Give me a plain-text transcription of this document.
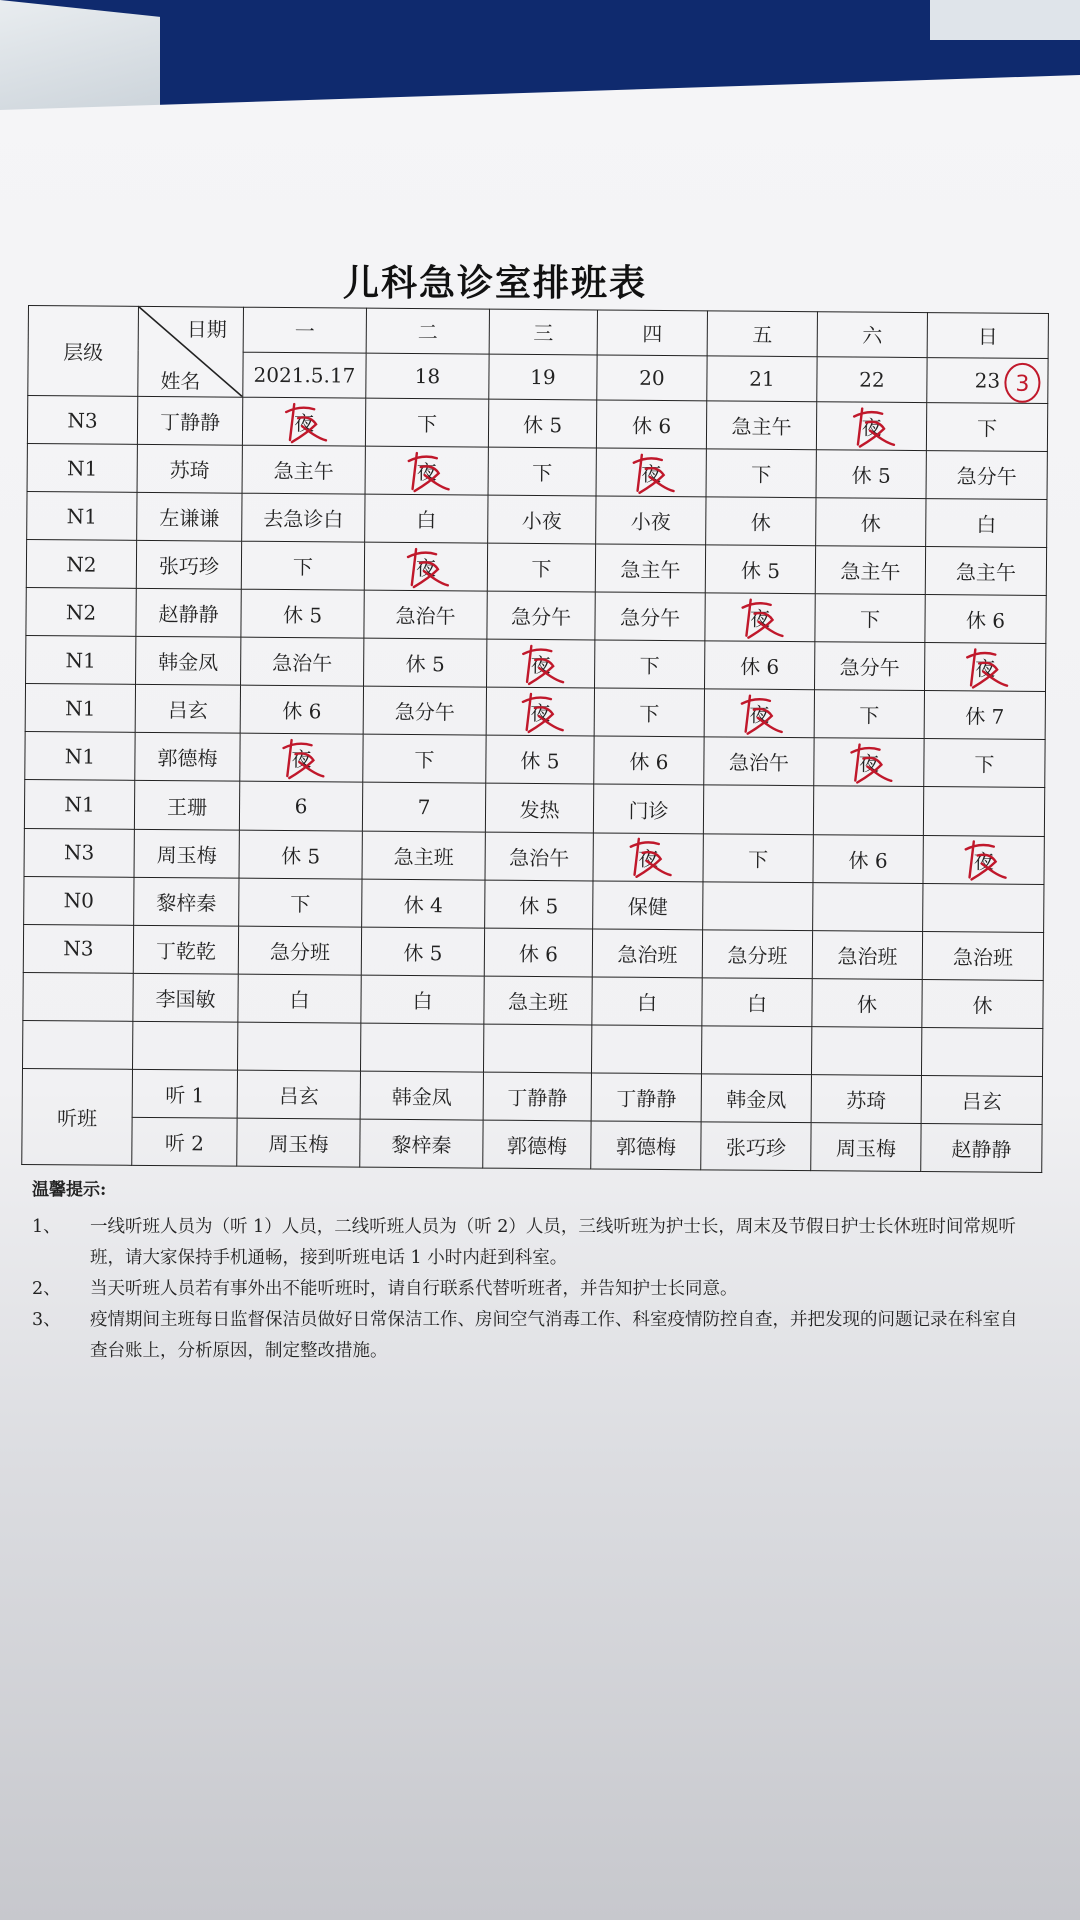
儿科急诊室排班表
层级	日期
姓名	一	二	三	四	五	六	日
		2021.5.17	18	19	20	21	22	23 3

N3	丁静静	夜	下	休 5	休 6	急主午	夜	下
N1	苏琦	急主午	夜	下	夜	下	休 5	急分午
N1	左谦谦	去急诊白	白	小夜	小夜	休	休	白
N2	张巧珍	下	夜	下	急主午	休 5	急主午	急主午
N2	赵静静	休 5	急治午	急分午	急分午	夜	下	休 6
N1	韩金凤	急治午	休 5	夜	下	休 6	急分午	夜

N1	吕玄	休 6	急分午	夜	下	夜	下	休 7
N1	郭德梅	夜	下	休 5	休 6	急治午	夜	下
N1	王珊	6	7	发热	门诊			
N3	周玉梅	休 5	急主班	急治午	夜	下	休 6	夜

N0	黎梓秦	下	休 4	休 5	保健			
N3	丁乾乾	急分班	休 5	休 6	急治班	急分班	急治班	急治班
	李国敏	白	白	急主班	白	白	休	休

听班	听 1	吕玄	韩金凤	丁静静	丁静静	韩金凤	苏琦	吕玄
	听 2	周玉梅	黎梓秦	郭德梅	郭德梅	张巧珍	周玉梅	赵静静
温馨提示:
1、 一线听班人员为（听 1）人员，二线听班人员为（听 2）人员，三线听班为护士长，周末及节假日护士长休班时间常规听班，请大家保持手机通畅，接到听班电话 1 小时内赶到科室。
2、 当天听班人员若有事外出不能听班时，请自行联系代替听班者，并告知护士长同意。
3、 疫情期间主班每日监督保洁员做好日常保洁工作、房间空气消毒工作、科室疫情防控自查，并把发现的问题记录在科室自查台账上，分析原因，制定整改措施。
